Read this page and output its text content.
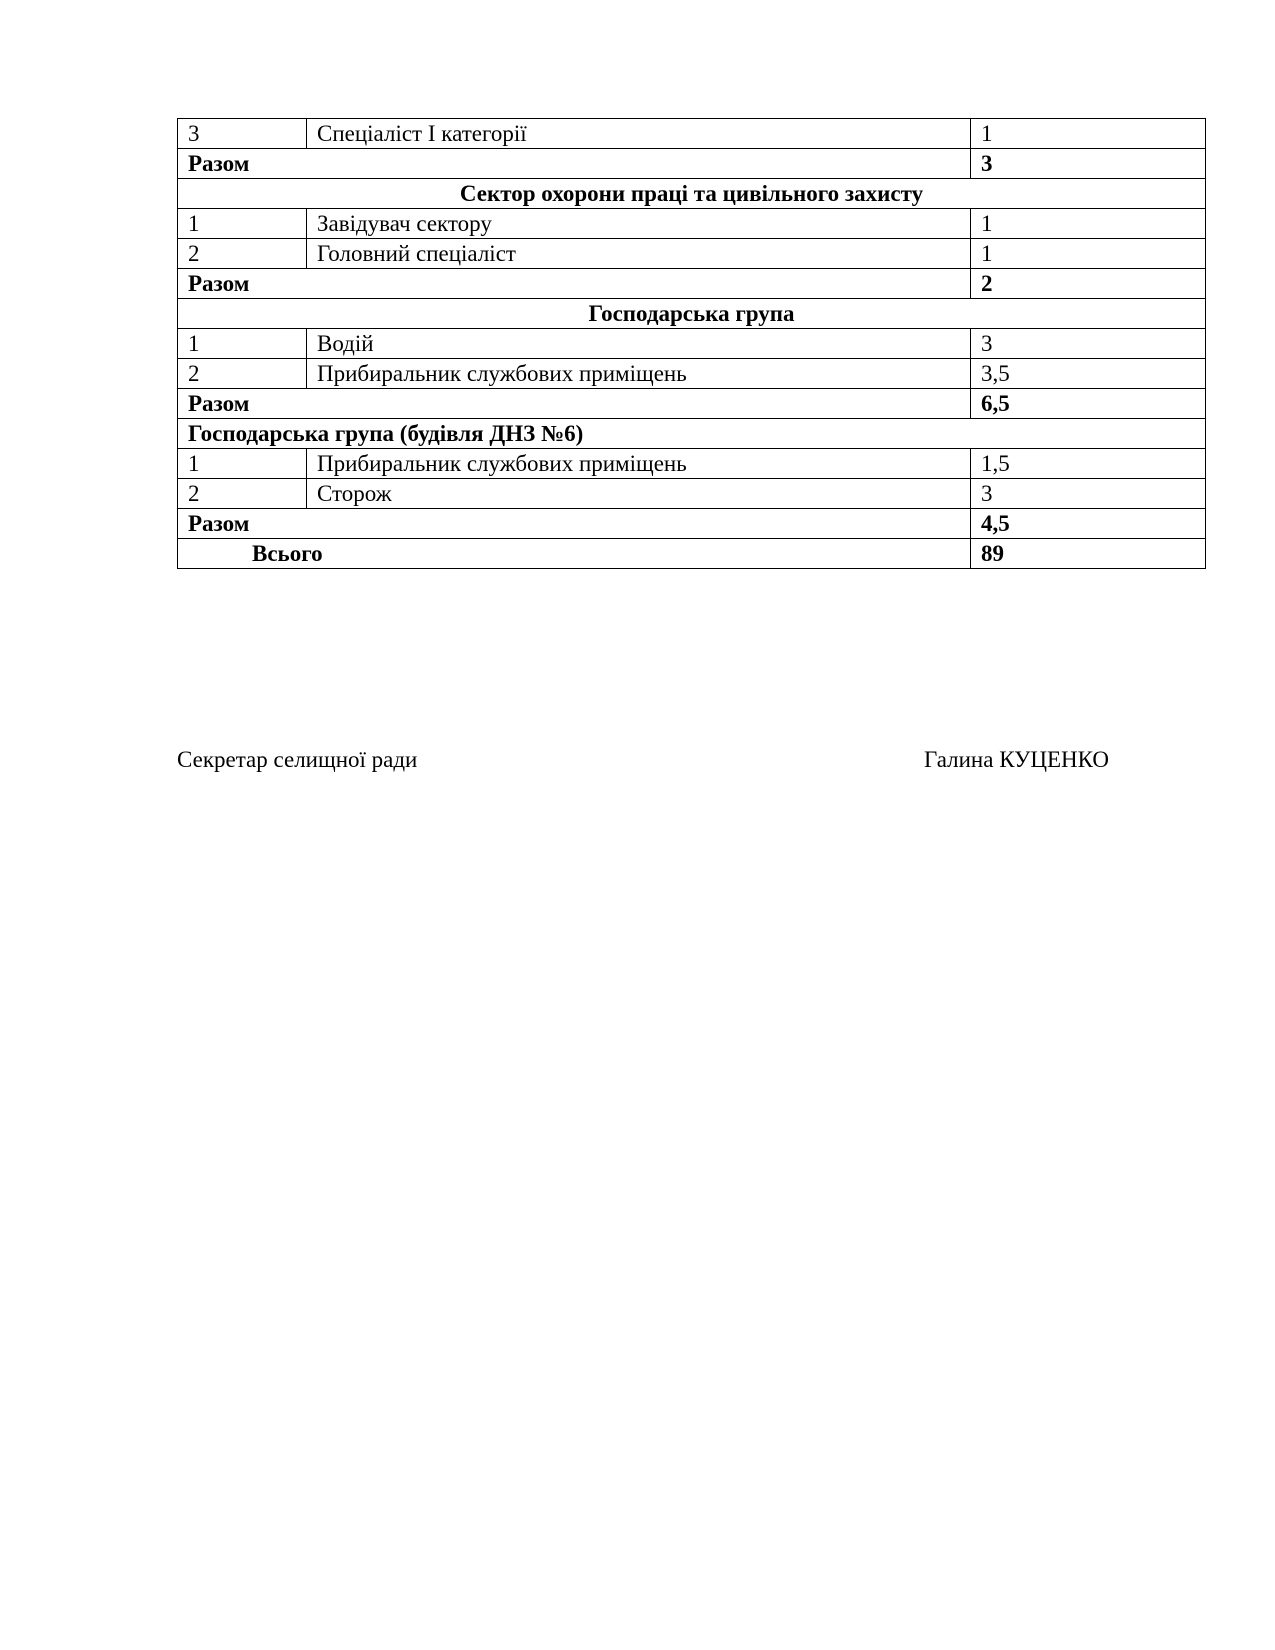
3	Спеціаліст І категорії	1
Разом		3
Сектор охорони праці та цивільного захисту		
1	Завідувач сектору	1
2	Головний спеціаліст	1
Разом		2
Господарська група		
1	Водій	3
2	Прибиральник службових приміщень	3,5
Разом		6,5
Господарська група (будівля ДНЗ №6)		
1	Прибиральник службових приміщень	1,5
2	Сторож	3
Разом		4,5
Всього		89
Секретар селищної ради	Галина КУЦЕНКО
